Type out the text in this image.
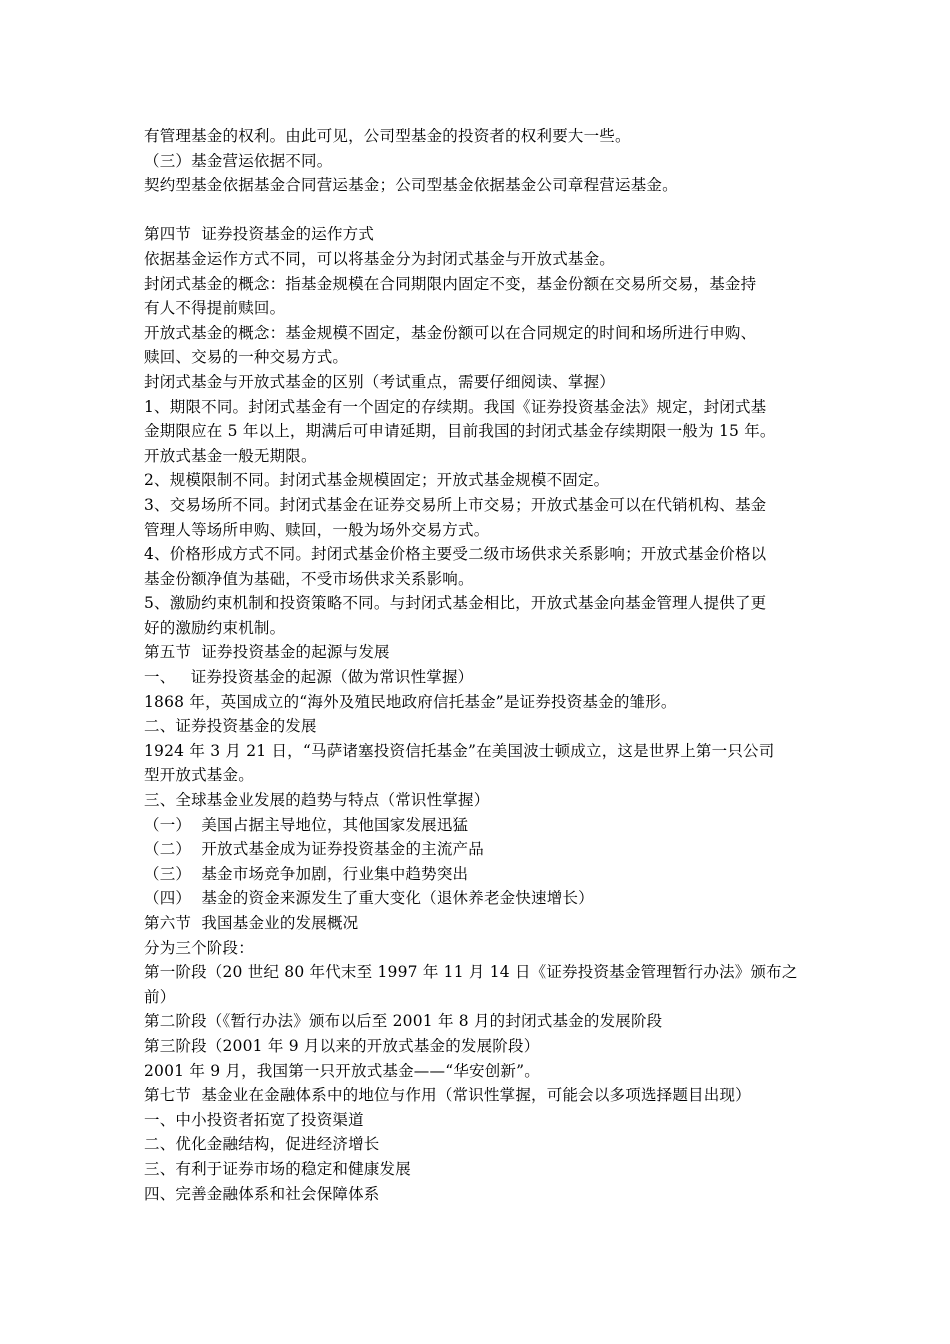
有管理基金的权利。由此可见，公司型基金的投资者的权利要大一些。

（三）基金营运依据不同。

契约型基金依据基金合同营运基金；公司型基金依据基金公司章程营运基金。

第四节  证券投资基金的运作方式

依据基金运作方式不同，可以将基金分为封闭式基金与开放式基金。

封闭式基金的概念：指基金规模在合同期限内固定不变，基金份额在交易所交易，基金持

有人不得提前赎回。

开放式基金的概念：基金规模不固定，基金份额可以在合同规定的时间和场所进行申购、

赎回、交易的一种交易方式。

封闭式基金与开放式基金的区别（考试重点，需要仔细阅读、掌握）

1、期限不同。封闭式基金有一个固定的存续期。我国《证券投资基金法》规定，封闭式基

金期限应在 5 年以上，期满后可申请延期，目前我国的封闭式基金存续期限一般为 15 年。

开放式基金一般无期限。

2、规模限制不同。封闭式基金规模固定；开放式基金规模不固定。

3、交易场所不同。封闭式基金在证券交易所上市交易；开放式基金可以在代销机构、基金

管理人等场所申购、赎回，一般为场外交易方式。

4、价格形成方式不同。封闭式基金价格主要受二级市场供求关系影响；开放式基金价格以

基金份额净值为基础，不受市场供求关系影响。

5、激励约束机制和投资策略不同。与封闭式基金相比，开放式基金向基金管理人提供了更

好的激励约束机制。

第五节  证券投资基金的起源与发展

一、   证券投资基金的起源（做为常识性掌握）

1868 年，英国成立的“海外及殖民地政府信托基金”是证券投资基金的雏形。

二、证券投资基金的发展

1924 年 3 月 21 日，“马萨诸塞投资信托基金”在美国波士顿成立，这是世界上第一只公司

型开放式基金。

三、全球基金业发展的趋势与特点（常识性掌握）

（一）  美国占据主导地位，其他国家发展迅猛

（二）  开放式基金成为证券投资基金的主流产品

（三）  基金市场竞争加剧，行业集中趋势突出

（四）  基金的资金来源发生了重大变化（退休养老金快速增长）

第六节  我国基金业的发展概况

分为三个阶段：

第一阶段（20 世纪 80 年代末至 1997 年 11 月 14 日《证券投资基金管理暂行办法》颁布之

前）

第二阶段（《暂行办法》颁布以后至 2001 年 8 月的封闭式基金的发展阶段

第三阶段（2001 年 9 月以来的开放式基金的发展阶段）

2001 年 9 月，我国第一只开放式基金——“华安创新”。

第七节  基金业在金融体系中的地位与作用（常识性掌握，可能会以多项选择题目出现）

一、中小投资者拓宽了投资渠道

二、优化金融结构，促进经济增长

三、有利于证券市场的稳定和健康发展

四、完善金融体系和社会保障体系
